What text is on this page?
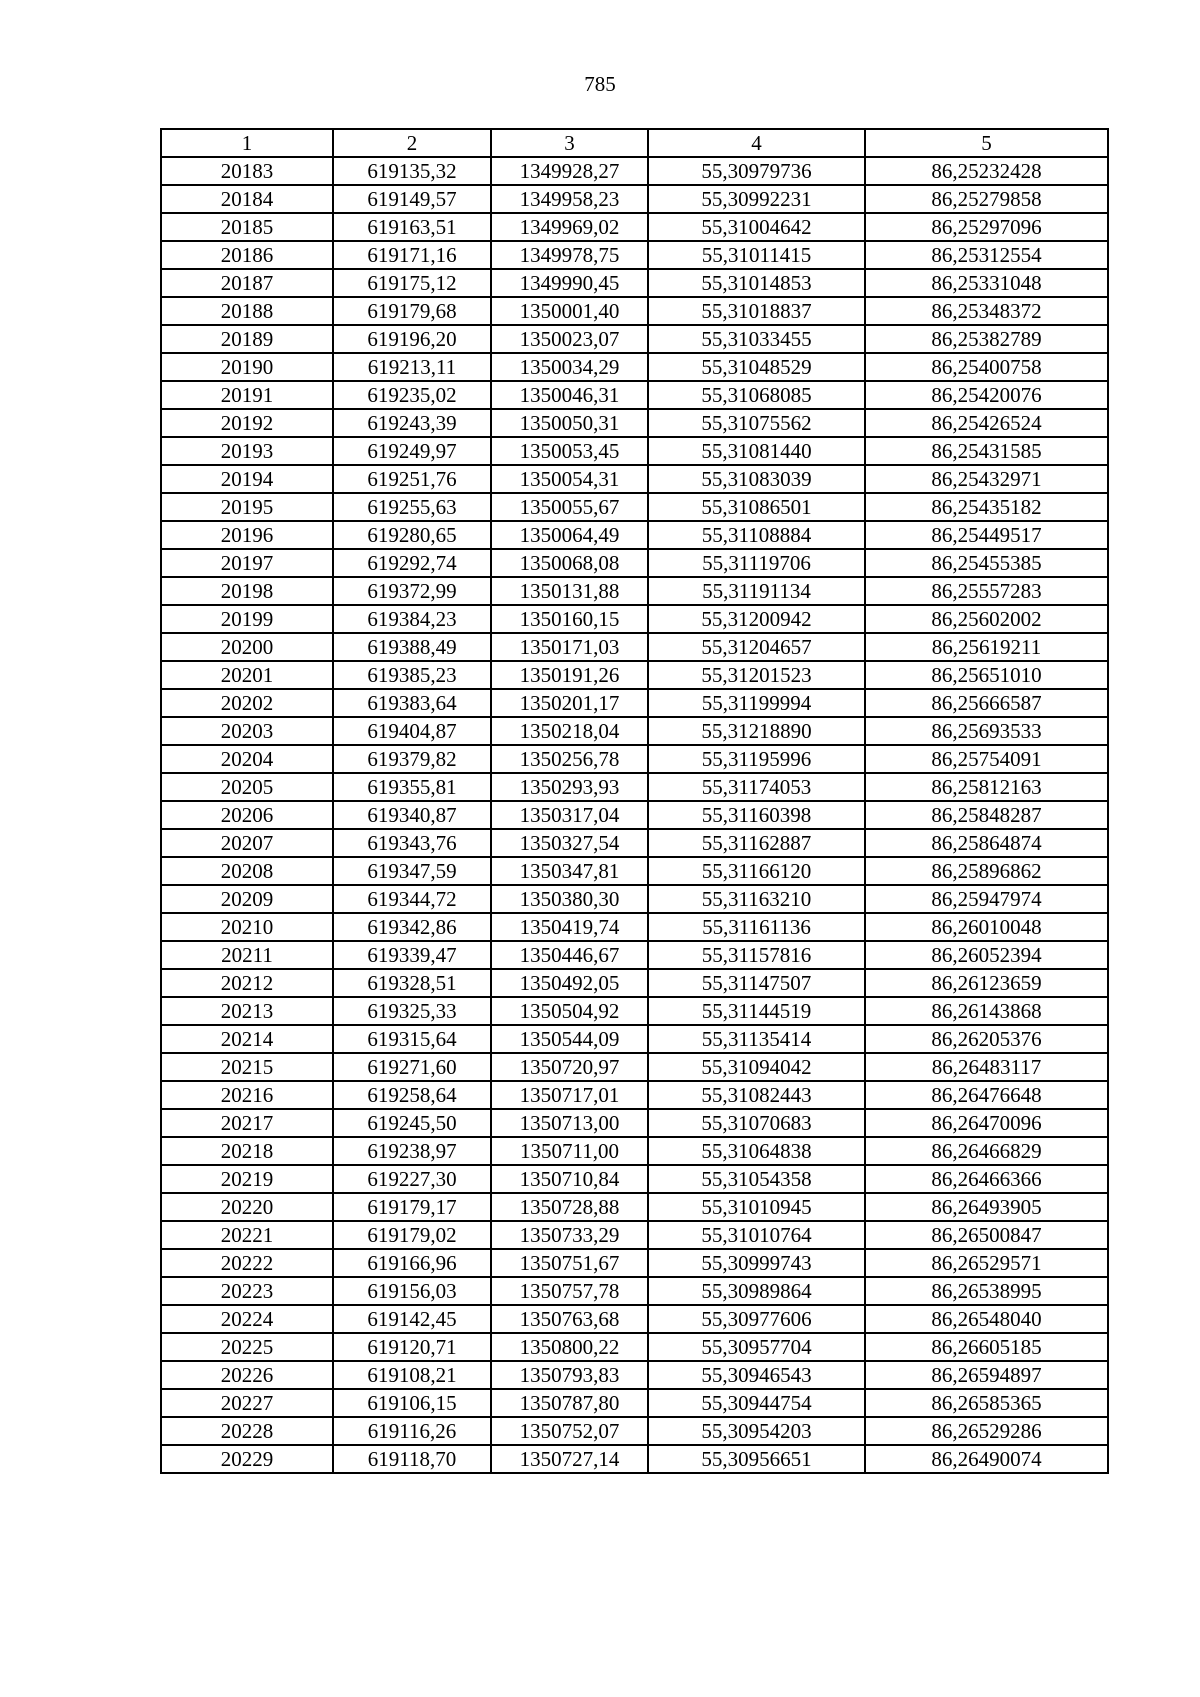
785
1	2	3	4	5
20183	619135,32	1349928,27	55,30979736	86,25232428
20184	619149,57	1349958,23	55,30992231	86,25279858
20185	619163,51	1349969,02	55,31004642	86,25297096
20186	619171,16	1349978,75	55,31011415	86,25312554
20187	619175,12	1349990,45	55,31014853	86,25331048
20188	619179,68	1350001,40	55,31018837	86,25348372
20189	619196,20	1350023,07	55,31033455	86,25382789
20190	619213,11	1350034,29	55,31048529	86,25400758
20191	619235,02	1350046,31	55,31068085	86,25420076
20192	619243,39	1350050,31	55,31075562	86,25426524
20193	619249,97	1350053,45	55,31081440	86,25431585
20194	619251,76	1350054,31	55,31083039	86,25432971
20195	619255,63	1350055,67	55,31086501	86,25435182
20196	619280,65	1350064,49	55,31108884	86,25449517
20197	619292,74	1350068,08	55,31119706	86,25455385
20198	619372,99	1350131,88	55,31191134	86,25557283
20199	619384,23	1350160,15	55,31200942	86,25602002
20200	619388,49	1350171,03	55,31204657	86,25619211
20201	619385,23	1350191,26	55,31201523	86,25651010
20202	619383,64	1350201,17	55,31199994	86,25666587
20203	619404,87	1350218,04	55,31218890	86,25693533
20204	619379,82	1350256,78	55,31195996	86,25754091
20205	619355,81	1350293,93	55,31174053	86,25812163
20206	619340,87	1350317,04	55,31160398	86,25848287
20207	619343,76	1350327,54	55,31162887	86,25864874
20208	619347,59	1350347,81	55,31166120	86,25896862
20209	619344,72	1350380,30	55,31163210	86,25947974
20210	619342,86	1350419,74	55,31161136	86,26010048
20211	619339,47	1350446,67	55,31157816	86,26052394
20212	619328,51	1350492,05	55,31147507	86,26123659
20213	619325,33	1350504,92	55,31144519	86,26143868
20214	619315,64	1350544,09	55,31135414	86,26205376
20215	619271,60	1350720,97	55,31094042	86,26483117
20216	619258,64	1350717,01	55,31082443	86,26476648
20217	619245,50	1350713,00	55,31070683	86,26470096
20218	619238,97	1350711,00	55,31064838	86,26466829
20219	619227,30	1350710,84	55,31054358	86,26466366
20220	619179,17	1350728,88	55,31010945	86,26493905
20221	619179,02	1350733,29	55,31010764	86,26500847
20222	619166,96	1350751,67	55,30999743	86,26529571
20223	619156,03	1350757,78	55,30989864	86,26538995
20224	619142,45	1350763,68	55,30977606	86,26548040
20225	619120,71	1350800,22	55,30957704	86,26605185
20226	619108,21	1350793,83	55,30946543	86,26594897
20227	619106,15	1350787,80	55,30944754	86,26585365
20228	619116,26	1350752,07	55,30954203	86,26529286
20229	619118,70	1350727,14	55,30956651	86,26490074
